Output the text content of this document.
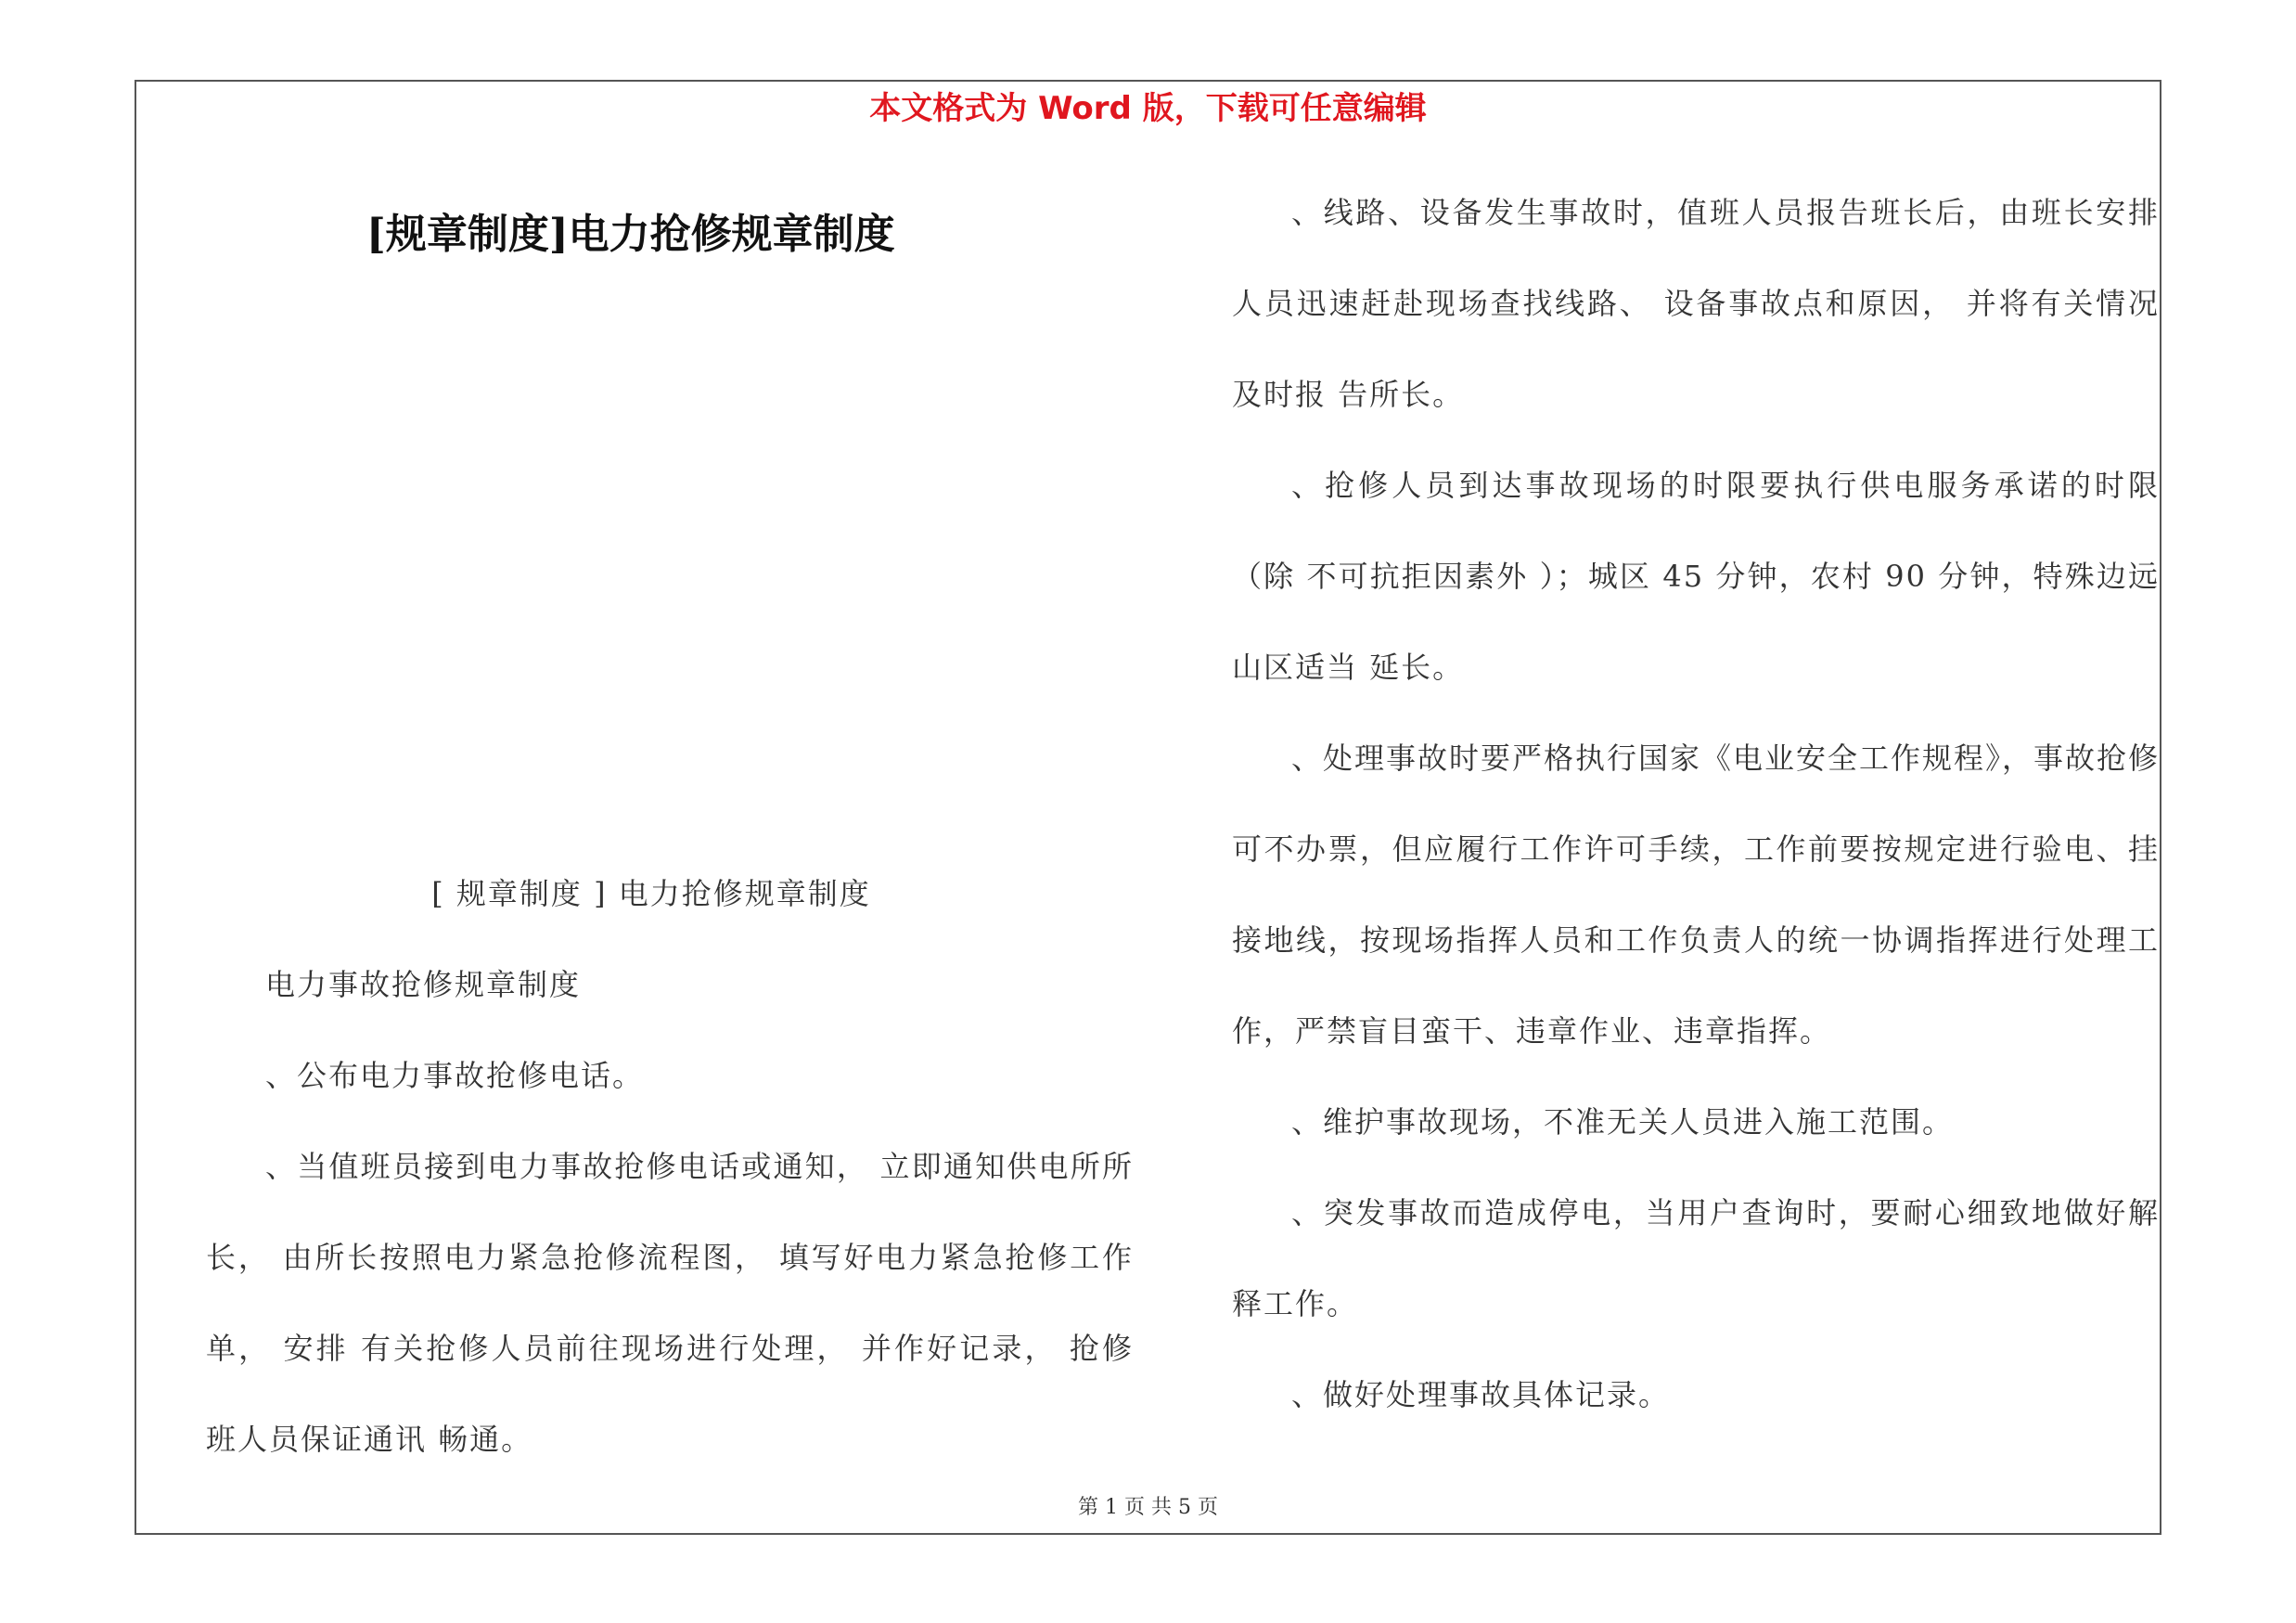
本文格式为 Word 版，下载可任意编辑
[规章制度]电力抢修规章制度

[ 规章制度 ] 电力抢修规章制度

电力事故抢修规章制度

、公布电力事故抢修电话。

、当值班员接到电力事故抢修电话或通知， 立即通知供电所所长， 由所长按照电力紧急抢修流程图， 填写好电力紧急抢修工作单， 安排 有关抢修人员前往现场进行处理， 并作好记录， 抢修班人员保证通讯 畅通。

、线路、设备发生事故时，值班人员报告班长后，由班长安排人员迅速赶赴现场查找线路、 设备事故点和原因， 并将有关情况及时报 告所长。

、抢修人员到达事故现场的时限要执行供电服务承诺的时限（除 不可抗拒因素外 ）；城区 45 分钟，农村 90 分钟，特殊边远山区适当 延长。

、处理事故时要严格执行国家《电业安全工作规程》，事故抢修可不办票，但应履行工作许可手续，工作前要按规定进行验电、挂接地线，按现场指挥人员和工作负责人的统一协调指挥进行处理工作，严禁盲目蛮干、违章作业、违章指挥。

、维护事故现场，不准无关人员进入施工范围。

、突发事故而造成停电，当用户查询时，要耐心细致地做好解释工作。

、做好处理事故具体记录。

第 1 页 共 5 页
